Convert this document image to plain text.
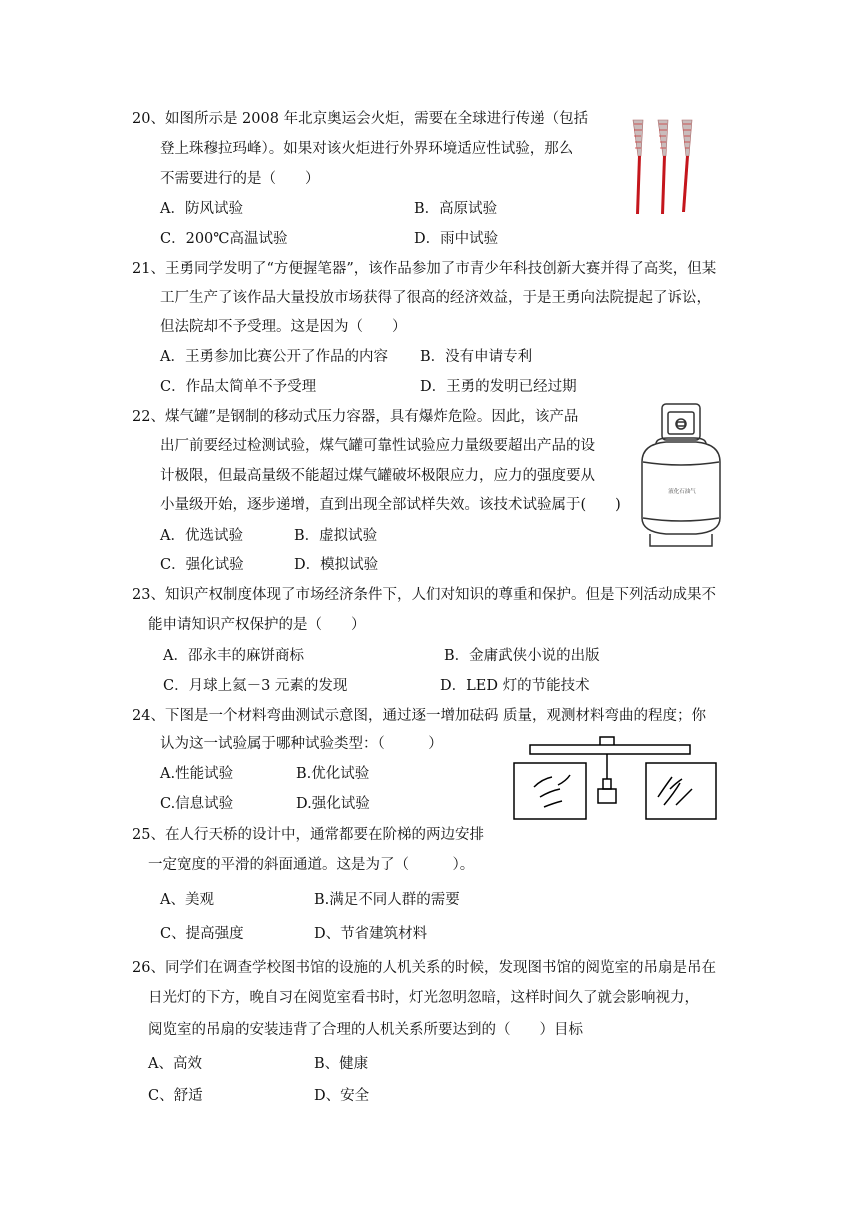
20、如图所示是 2008 年北京奥运会火炬，需要在全球进行传递（包括
登上珠穆拉玛峰）。如果对该火炬进行外界环境适应性试验，那么
不需要进行的是（　　）
A．防风试验	B．高原试验
C．200℃高温试验	D．雨中试验
21、王勇同学发明了“方便握笔器”，该作品参加了市青少年科技创新大赛并得了高奖，但某
工厂生产了该作品大量投放市场获得了很高的经济效益，于是王勇向法院提起了诉讼，
但法院却不予受理。这是因为（　　）
A．王勇参加比赛公开了作品的内容 B．没有申请专利
C．作品太简单不予受理	D．王勇的发明已经过期
22、煤气罐”是钢制的移动式压力容器，具有爆炸危险。因此，该产品
出厂前要经过检测试验，煤气罐可靠性试验应力量级要超出产品的设
计极限，但最高量级不能超过煤气罐破坏极限应力，应力的强度要从
小量级开始，逐步递增，直到出现全部试样失效。该技术试验属于(　　)
A．优选试验	B．虚拟试验
C．强化试验	D．模拟试验
液化石油气
23、知识产权制度体现了市场经济条件下，人们对知识的尊重和保护。但是下列活动成果不
能申请知识产权保护的是（　　）
A．邵永丰的麻饼商标	B．金庸武侠小说的出版
C．月球上氦－3 元素的发现	D．LED 灯的节能技术
24、下图是一个材料弯曲测试示意图，通过逐一增加砝码 质量，观测材料弯曲的程度；你
认为这一试验属于哪种试验类型：（　　　）
A.性能试验	B.优化试验
C.信息试验	D.强化试验
25、在人行天桥的设计中，通常都要在阶梯的两边安排
一定宽度的平滑的斜面通道。这是为了（　　　）。
A、美观	B.满足不同人群的需要
C、提高强度	D、节省建筑材料
26、同学们在调查学校图书馆的设施的人机关系的时候，发现图书馆的阅览室的吊扇是吊在
日光灯的下方，晚自习在阅览室看书时，灯光忽明忽暗，这样时间久了就会影响视力，
阅览室的吊扇的安装违背了合理的人机关系所要达到的（　　）目标
A、高效	B、健康
C、舒适	D、安全
